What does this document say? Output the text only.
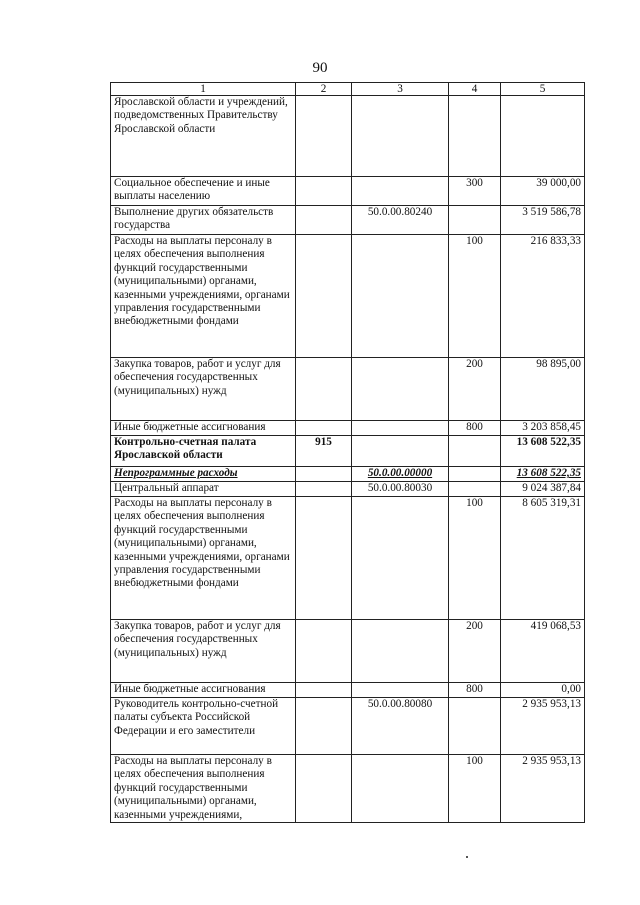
90
1	2	3	4	5
Ярославской области и учреждений, подведомственных Правительству Ярославской области				
Социальное обеспечение и иные выплаты населению			300	39 000,00
Выполнение других обязательств государства		50.0.00.80240		3 519 586,78
Расходы на выплаты персоналу в целях обеспечения выполнения функций государственными (муниципальными) органами, казенными учреждениями, органами управления государственными внебюджетными фондами			100	216 833,33
Закупка товаров, работ и услуг для обеспечения государственных (муниципальных) нужд			200	98 895,00
Иные бюджетные ассигнования			800	3 203 858,45
Контрольно-счетная палата Ярославской области	915			13 608 522,35
Непрограммные расходы		50.0.00.00000		13 608 522,35
Центральный аппарат		50.0.00.80030		9 024 387,84
Расходы на выплаты персоналу в целях обеспечения выполнения функций государственными (муниципальными) органами, казенными учреждениями, органами управления государственными внебюджетными фондами			100	8 605 319,31
Закупка товаров, работ и услуг для обеспечения государственных (муниципальных) нужд			200	419 068,53
Иные бюджетные ассигнования			800	0,00
Руководитель контрольно-счетной палаты субъекта Российской Федерации и его заместители		50.0.00.80080		2 935 953,13
Расходы на выплаты персоналу в целях обеспечения выполнения функций государственными (муниципальными) органами, казенными учреждениями,			100	2 935 953,13
